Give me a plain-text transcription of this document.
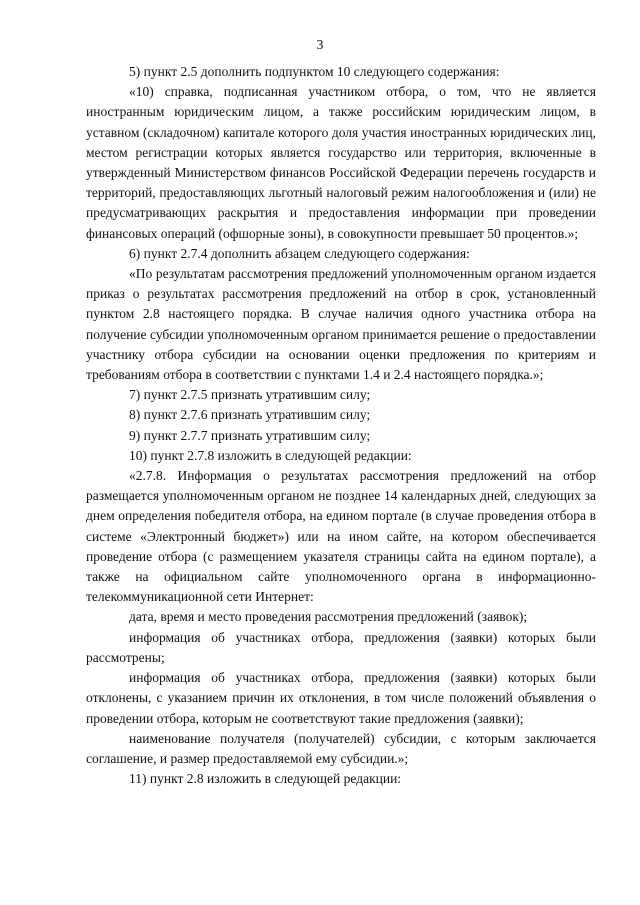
3

5) пункт 2.5 дополнить подпунктом 10 следующего содержания:

«10) справка, подписанная участником отбора, о том, что не является иностранным юридическим лицом, а также российским юридическим лицом, в уставном (складочном) капитале которого доля участия иностранных юридических лиц, местом регистрации которых является государство или территория, включенные в утвержденный Министерством финансов Российской Федерации перечень государств и территорий, предоставляющих льготный налоговый режим налогообложения и (или) не предусматривающих раскрытия и предоставления информации при проведении финансовых операций (офшорные зоны), в совокупности превышает 50 процентов.»;

6) пункт 2.7.4 дополнить абзацем следующего содержания:

«По результатам рассмотрения предложений уполномоченным органом издается приказ о результатах рассмотрения предложений на отбор в срок, установленный пунктом 2.8 настоящего порядка. В случае наличия одного участника отбора на получение субсидии уполномоченным органом принимается решение о предоставлении участнику отбора субсидии на основании оценки предложения по критериям и требованиям отбора в соответствии с пунктами 1.4 и 2.4 настоящего порядка.»;

7) пункт 2.7.5 признать утратившим силу;

8) пункт 2.7.6 признать утратившим силу;

9) пункт 2.7.7 признать утратившим силу;

10) пункт 2.7.8 изложить в следующей редакции:

«2.7.8. Информация о результатах рассмотрения предложений на отбор размещается уполномоченным органом не позднее 14 календарных дней, следующих за днем определения победителя отбора, на едином портале (в случае проведения отбора в системе «Электронный бюджет») или на ином сайте, на котором обеспечивается проведение отбора (с размещением указателя страницы сайта на едином портале), а также на официальном сайте уполномоченного органа в информационно-телекоммуникационной сети Интернет:

дата, время и место проведения рассмотрения предложений (заявок);

информация об участниках отбора, предложения (заявки) которых были рассмотрены;

информация об участниках отбора, предложения (заявки) которых были отклонены, с указанием причин их отклонения, в том числе положений объявления о проведении отбора, которым не соответствуют такие предложения (заявки);

наименование получателя (получателей) субсидии, с которым заключается соглашение, и размер предоставляемой ему субсидии.»;

11) пункт 2.8 изложить в следующей редакции:
